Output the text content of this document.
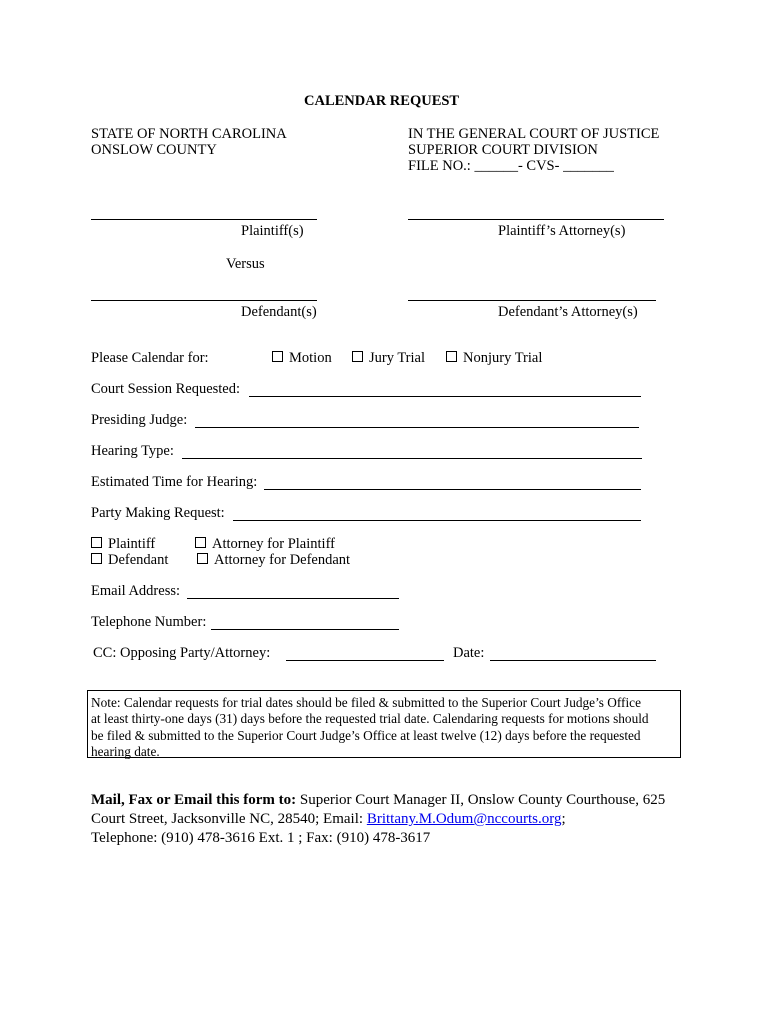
CALENDAR REQUEST
STATE OF NORTH CAROLINA
ONSLOW COUNTY
IN THE GENERAL COURT OF JUSTICE
SUPERIOR COURT DIVISION
FILE NO.: ______- CVS- _______
Plaintiff(s)	Plaintiff’s Attorney(s)
Versus
Defendant(s)	Defendant’s Attorney(s)
Please Calendar for:	Motion	Jury Trial	Nonjury Trial
Court Session Requested:
Presiding Judge:
Hearing Type:
Estimated Time for Hearing:
Party Making Request:
Plaintiff	Attorney for Plaintiff
Defendant	Attorney for Defendant
Email Address:
Telephone Number:
CC: Opposing Party/Attorney:	Date:
Note: Calendar requests for trial dates should be filed & submitted to the Superior Court Judge’s Office
at least thirty-one days (31) days before the requested trial date. Calendaring requests for motions should
be filed & submitted to the Superior Court Judge’s Office at least twelve (12) days before the requested
hearing date.
Mail, Fax or Email this form to: Superior Court Manager II, Onslow County Courthouse, 625
Court Street, Jacksonville NC, 28540; Email: Brittany.M.Odum@nccourts.org;
Telephone: (910) 478-3616 Ext. 1 ; Fax: (910) 478-3617
